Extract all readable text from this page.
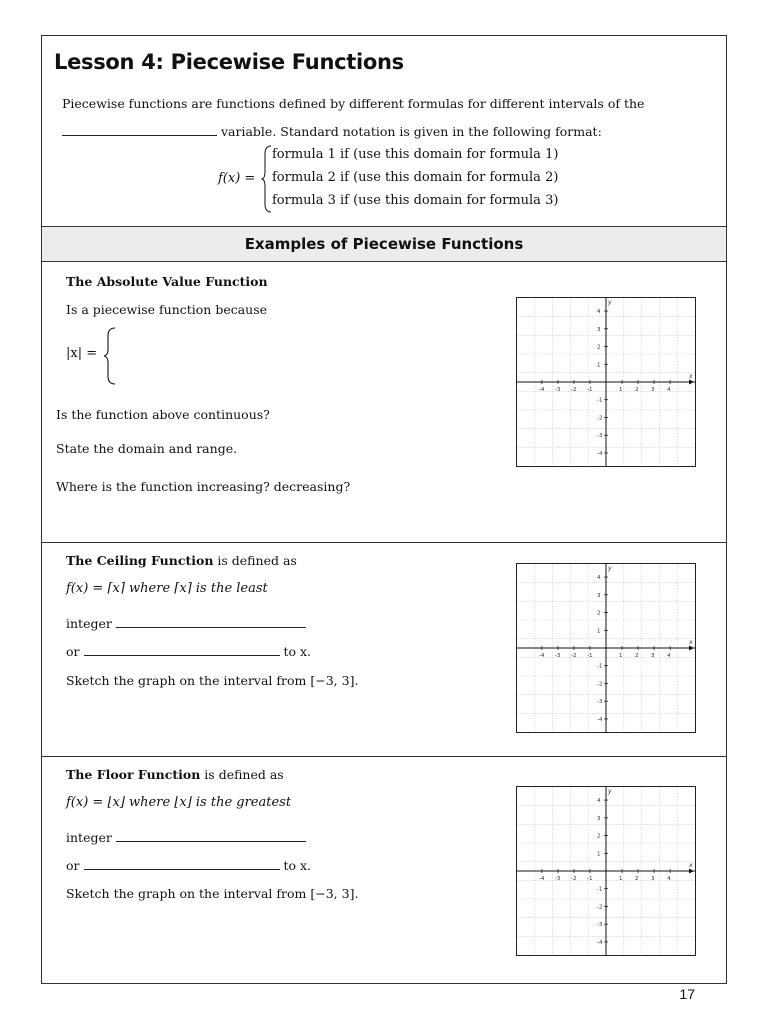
Lesson 4: Piecewise Functions
Piecewise functions are functions defined by different formulas for different intervals of the
variable. Standard notation is given in the following format:
f(x) =
formula 1 if (use this domain for formula 1)
formula 2 if (use this domain for formula 2)
formula 3 if (use this domain for formula 3)
Examples of Piecewise Functions
The Absolute Value Function
Is a piecewise function because
|x| =
Is the function above continuous?
State the domain and range.
Where is the function increasing? decreasing?
x
y
-4 -3 -2 -1	1 2 3 4
4
3
2
1
-1
-2
-3
-4
The Ceiling Function is defined as
f(x) = ⌈x⌉ where ⌈x⌉ is the least
integer
or	to x.
Sketch the graph on the interval from [−3, 3].
x
y
-4 -3 -2 -1	1 2 3 4
4
3
2
1
-1
-2
-3
-4
The Floor Function is defined as
f(x) = ⌊x⌋ where ⌊x⌋ is the greatest
integer
or	to x.
Sketch the graph on the interval from [−3, 3].
x
y
-4 -3 -2 -1	1 2 3 4
4
3
2
1
-1
-2
-3
-4
17
